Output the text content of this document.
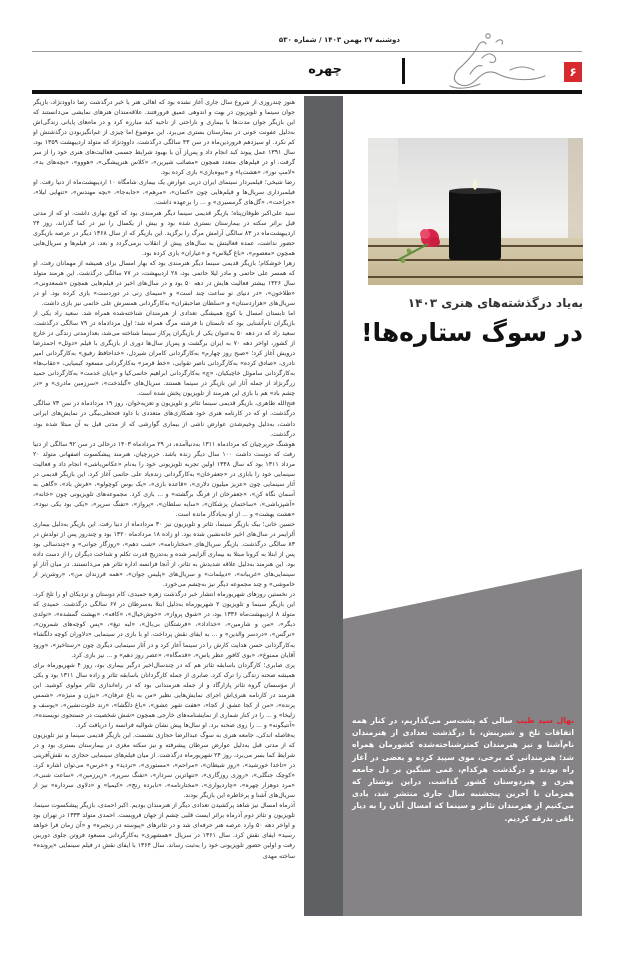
دوشنبه ۲۷ بهمن ۱۴۰۳ / شماره ۵۳۰
۶
چهره
به‌یاد درگذشته‌های هنری ۱۴۰۳
در سوگ ستاره‌ها!
نهال سید طیب سالی که پشت‌سر می‌گذاریم، در کنار همه اتفاقات تلخ و شیرینش، با درگذشت تعدادی از هنرمندان نام‌آشنا و نیز هنرمندان کمترشناخته‌شده کشورمان همراه شد؛ هنرمندانی که برخی، موی سپید کرده و بعضی در آغاز راه بودند و درگذشت هرکدام، غمی سنگین بر دل جامعه هنری و هنردوستان کشور گذاشت. دراین نوشتار که همزمان با آخرین پنجشنبه سال جاری منتشر شد، یادی می‌کنیم از هنرمندان تئاتر و سینما که امسال آنان را به دیار باقی بدرقه کردیم.

هنوز چندروزی از شروع سال جاری آغاز نشده بود که اهالی هنر با خبر درگذشت رضا داوودنژاد، بازیگر جوان سینما و تلویزیون در بهت و اندوهی عمیق فرورفتند. علاقه‌مندان هنرهای نمایشی می‌دانستند که این بازیگر جوان مدت‌ها با بیماری و ناراحتی از ناحیه کبد مبارزه کرد و در ماه‌های پایانی زندگی‌اش به‌دلیل عفونت خونی در بیمارستان بستری می‌برد. این موضوع اما چیزی از غم‌انگیزبودن درگذشتش او کم نکرد. او سیزدهم فروردین‌ماه در سن ۴۳ سالگی درگذشت. داوودنژاد که متولد اردیبهشت ۱۳۵۹ بود، سال ۱۳۹۱ عمل پیوند کبد انجام داد و پس‌از آن با بهبود شرایط جسمی فعالیت‌های هنری خود را از سر گرفت. او در فیلم‌های متعدد همچون «مصائب شیرین»، «کلاس هنرپیشگی»، «هووو»، «بچه‌های بد»، «لامپ نور»، «هشت‌پا» و «بیوه‌بازی» بازی کرده بود.

رضا شیخی؛ فیلمبردار سینمای ایران دربی عوارض یک بیماری شامگاه ۱۰ اردیبهشت‌ماه از دنیا رفت. او فیلمبرداری سریال‌ها و فیلم‌هایی چون «کتمان»، «مرهم»، «جابه‌جا»، «بچه مهندس»، «تنهایی لیلا»، «جراحت»، «گل‌های گرمسیری» و ... را برعهده داشت.

سید علی‌اکبر طوفان‌پناه؛ بازیگر قدیمی سینما دیگر هنرمندی بود که کوچ بهاری داشت. او که از مدتی قبل براثر سکته در بیمارستان بستری شده بود و بیش از یکسال را نیز در کما گذراند، روز ۲۴ اردیبهشت‌ماه در ۸۳ سالگی آرامش مرگ را برگزید. این بازیگر که از سال ۱۳۶۸ دیگر در عرصه بازیگری حضور نداشت، عمده فعالیتش به سال‌های پیش از انقلاب برمی‌گردد و بعد، در فیلم‌ها و سریال‌هایی همچون «معصوم»، «باغ گیلاس» و «عیاران» بازی کرده بود.

زهرا خوشکام؛ بازیگر قدیمی سینما دیگر هنرمندی بود که بهار امسال برای همیشه از مهمانان رفت. او که همسر علی حاتمی و مادر لیلا حاتمی بود، ۲۸ اردیبهشت، در ۷۷ سالگی درگذشت. این هرمند متولد سال ۱۳۲۶ بیشتر فعالیت هایش در دهه ۵۰ بود و در سال‌های اخیر در فیلم‌هایی همچون «شمعدونی»، «طلاخون»، «در دنیای تو ساعت چند است» و «سیمای زنی در دوردست» بازی کرده بود. او در سریال‌های «هزاردستان» و «سلطان صاحبقران» به‌کارگردانی همسرش علی حاتمی نیز بازی داشت.

اما تابستان امسال با کوچ همیشگی تعدادی از هنرمندان شناخته‌شده همراه شد. سعید راد یکی از بازیگران نام‌آشنایی بود که تابستان با فرشته مرگ همراه شد؛ اول مردادماه در ۷۹ سالگی درگذشت. سعید راد که در دهه ۵۰ به‌عنوان یکی از بازیگران پرکار سینما شناخته می‌شد، بعدازمدتی زندگی در خارج از کشور، اواخر دهه ۷۰ به ایران برگشت و پس‌از سال‌ها دوری از بازیگری با فیلم «دوئل» احمدرضا درویش آغاز کرد؛ «صبح روز چهارم» به‌کارگردانی کامران شیردل، «خداحافظ رفیق» به‌کارگردانی امیر نادری، «صادق کرده» به‌کارگردانی ناصر تقوایی، «خط قرمز» به‌کارگردانی مسعود کیمیایی، «عقاب‌ها» به‌کارگردانی ساموئل خاچیکیان، «چ» به‌کارگردانی ابراهیم حاتمی‌کیا و «پایان خدمت» به‌کارگردانی حمید زرگرنژاد از جمله آثار این بازیگر در سینما هستند. سریال‌های «گیلدخت»، «سرزمین مادری» و «در چشم باد» هم با بازی این هنرمند از تلویزیون پخش شده است.

فتح‌الله طاهری، بازیگر قدیمی سینما تئاتر و تلویزیون و تعزیه‌خوان، روز ۱۹ مردادماه در سن ۷۳ سالگی درگذشت. او که در کارنامه هنری خود همکاری‌های متعددی با داود فتحعلی‌بیگی در نمایش‌های ایرانی داشت، به‌دلیل وخیم‌شدن عوارض ناشی از بیماری گوارشی که از مدتی قبل به آن مبتلا شده بود، درگذشت.

هوشنگ حریرچیان که مردادماه ۱۳۱۱ به‌دنیاآمده، در ۲۹ مردادماه ۱۴۰۳ درحالی در سن ۹۲ سالگی از دنیا رفت که دوست داشت ۱۰۰ سال دیگر زنده باشد. حریرچیان، هنرمند پیشکسوت اصفهانی متولد ۲۰ مرداد ۱۳۱۱ بود که سال ۱۳۴۸ اولین تجربه تلویزیونی خود را به‌نام «عکاس‌باشی» انجام داد و فعالیت سینمایی خود را بابازی در «جعفرخان» به‌کارگردانی زنده‌یاد علی حاتمی آغاز کرد. این بازیگر قدیمی در آثار سینمایی چون «عزیز میلیون دلاری»، «قاعده بازی»، «یک بوس کوچولو»، «فرش باد»، «گاهی به آسمان نگاه کن»، «جعفرخان از فرنگ برگشته» و ... بازی کرد. مجموعه‌های تلویزیونی چون «خانه»، «آشپزباشی»، «ساختمان پزشکان»، «سایه سلطان»، «پرواز»، «تفنگ سرپر»، «یکی بود یکی نبود»، «هشت بهشت» و ... از او به‌یادگار مانده است.

حسین خانی؛ بیک بازیگر سینما، تئاتر و تلویزیون نیز ۳۰ مردادماه از دنیا رفت. این بازیگر به‌دلیل بیماری آلزایمر در سال‌های اخیر خانه‌نشین شده بود. او زاده ۱۸ مردادماه ۱۳۲۰ بود و چندروز پس از تولدش در ۸۳ سالگی درگذشت. بازیگر سریال‌های «مختارنامه»، «شب دهم»، «روزگار جوانی» و «چندسالی بود پس از ابتلا به کرونا مبتلا به بیماری آلزایمر شده و به‌تدریج قدرت تکلم و شناخت دیگران را از دست داده بود. این هنرمند به‌دلیل علاقه شدیدش به تئاتر، از آنجا فرانسه اداره تئاتر هم می‌دانستند. در میان آثار او سینمایی‌های «غریبانه»، «دیپلمات» و سریال‌های «پلیس جوان»، «همه فرزندان من»، «روشن‌تر از خاموشی» و چند مجموعه دیگر نیز به‌چشم می‌خورد.

در نخستین روزهای شهریورماه انتشار خبر درگذشت زهره حمیدی، کام دوستان و نزدیکان او را تلخ کرد. این بازیگر سینما و تلویزیون ۲ شهریورماه به‌دلیل ابتلا به‌سرطان در ۶۷ سالگی درگذشت. حمیدی که متولد ۸ اردیبهشت‌ماه ۱۳۳۶ بود، در «شوق پرواز»، «خوش‌خیال»، «کافه»، «بهشت گمشده»، «تولدی دیگر»، «من و شارمین»، «خداداد»، «فرشتگان بی‌بال»، «لبه تیغ»، «پس کوچه‌های شمرون»، «نرگس»، «دردسر والدین» و ... به ایفای نقش پرداخت. او با بازی در سینمایی «دلاوران کوچه دلگشا» به‌کارگردانی حسن هدایت کارش را در سینما آغاز کرد و در آثار سینمایی دیگری چون «رستاخیز»، «ورود آقایان ممنوع»، «بوی کافور عطر یاس»، «قدمگاه»، «عصر روز دهم» و ... نیز بازی کرد.

پری صابری؛ کارگردان باسابقه تئاتر هم که در چندسال‌اخیر درگیر بیماری بود، روز ۴ شهریورماه برای همیشه صحنه زندگی را ترک کرد. صابری از جمله کارگردانان باسابقه تئاتر و زاده سال ۱۳۱۱ بود و یکی از مؤسسان گروه تئاتر پازارگاد و از جمله هنرمندانی بود که در راه‌اندازی تئاتر مولوی کوشید. این هنرمند در کارنامه هنری‌اش اجرای نمایش‌هایی نظیر «من به باغ عرفان»، «بیژن و منیژه»، «شمس پرنده»، «من از کجا عشق از کجا»، «هفت شهر عشق»، «باغ دلگشا»، «رند خلوت‌نشین»، «یوسف و زلیخا» و ... را در کنار شماری از نمایشنامه‌های خارجی همچون «شش شخصیت در جستجوی نویسنده»، «آنتیگونه» و ... را روی صحنه برد. او سال‌ها پیش نشان شوالیه فرانسه را دریافت کرد.

به‌فاصله اندکی، جامعه هنری به سوگ عبدالرضا حجازی نشست. این بازیگر قدیمی سینما و نیز تلویزیون که از مدتی قبل به‌دلیل عوارض سرطان پیشرفته و نیز سکته مغزی در بیمارستان بستری بود و در شرایط کما بسر می‌برد، روز ۲۴ شهریورماه درگذشت. از میان فیلم‌های سینمایی حجازی به نقش‌آفرینی در «تاخدا خورشید»، «روز شیطان»، «مراحم»، «مستوری»، «تردید» و «خرس» می‌توان اشاره کرد. «کوچک جنگلی»، «روزی روزگاری»، «تنهاترین سردار»، «تفنگ سرپر»، «زیرزمین»، «ساعت شنی»، «مرد دوهزار چهره»، «چاردیواری»، «مختارنامه»، «نابرده رنج»، «کیمیا» و «دلاوی سرداره» نیز از سریال‌های آشنا و پرخاطره این بازیگر بودند.

آذرماه امسال نیز شاهد پرکشیدن تعدادی دیگر از هنرمندان بودیم. اکبر احمدی، بازیگر پیشکسوت سینما، تلویزیون و تئاتر دوم آذرماه براثر ایست قلبی چشم از جهان فروبست. احمدی متولد ۱۳۳۳ در تهران بود و اواخر دهه ۵۰ وارد عرصه هنر حرفه‌ای شد و در تئاترهای «پیوسته در زنجیره» و «آن زمان فرا خواهد رسید» ایفای نقش کرد. سال ۱۳۶۱ در سریال «همشهری» به‌کارگردانی مسعود فروتن جلوی دوربین رفت و اولین حضور تلویزیونی خود را به‌ثبت رساند. سال ۱۳۶۴ با ایفای نقش در فیلم سینمایی «پرونده» ساخته مهدی
